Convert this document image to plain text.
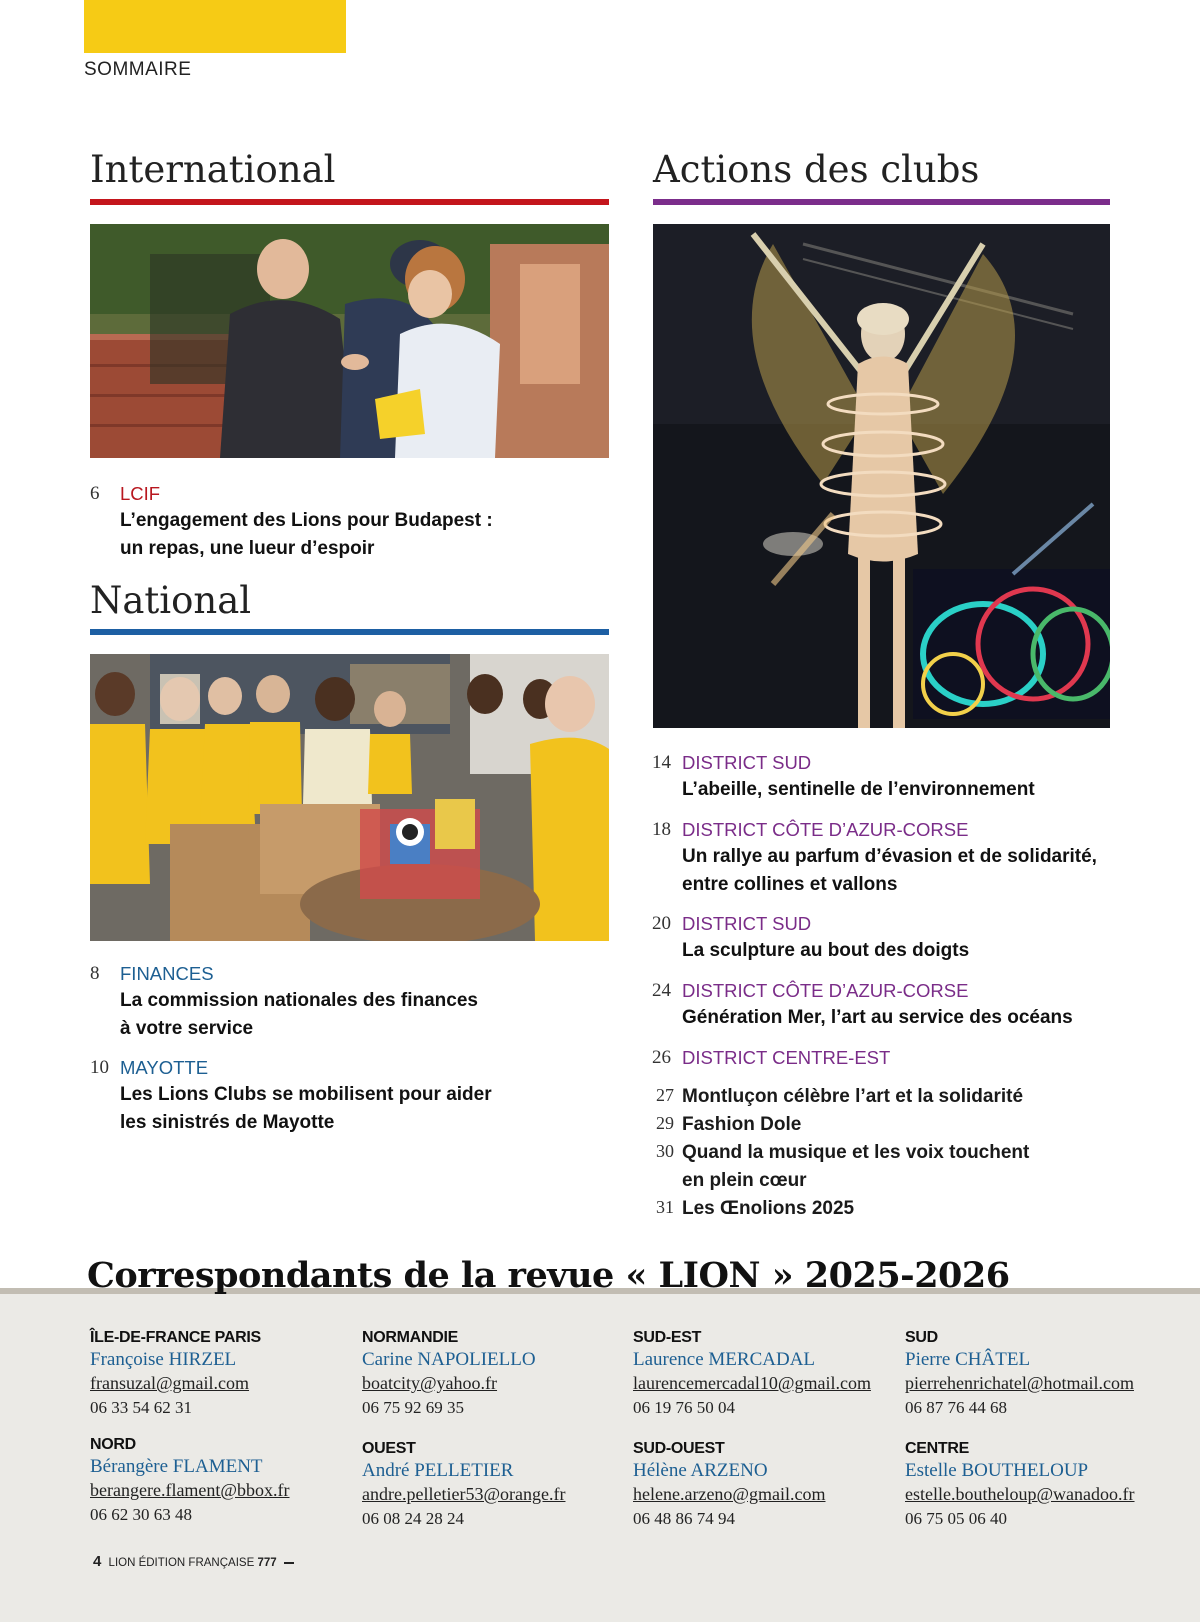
SOMMAIRE
International
6	LCIF
L’engagement des Lions pour Budapest :
un repas, une lueur d’espoir
National
8	FINANCES
La commission nationales des finances
à votre service
10 MAYOTTE
Les Lions Clubs se mobilisent pour aider
les sinistrés de Mayotte
Actions des clubs
14 DISTRICT SUD
L’abeille, sentinelle de l’environnement
18 DISTRICT CÔTE D’AZUR-CORSE
Un rallye au parfum d’évasion et de solidarité,
entre collines et vallons
20 DISTRICT SUD
La sculpture au bout des doigts
24 DISTRICT CÔTE D’AZUR-CORSE
Génération Mer, l’art au service des océans
26 DISTRICT CENTRE-EST
27 Montluçon célèbre l’art et la solidarité
29 Fashion Dole
30 Quand la musique et les voix touchent
en plein cœur
31 Les Œnolions 2025
Correspondants de la revue « LION » 2025-2026
ÎLE-DE-FRANCE PARIS
Françoise HIRZEL
fransuzal@gmail.com
06 33 54 62 31
NORMANDIE
Carine NAPOLIELLO
boatcity@yahoo.fr
06 75 92 69 35
SUD-EST
Laurence MERCADAL
laurencemercadal10@gmail.com
06 19 76 50 04
SUD
Pierre CHÂTEL
pierrehenrichatel@hotmail.com
06 87 76 44 68
NORD
Bérangère FLAMENT
berangere.flament@bbox.fr
06 62 30 63 48
OUEST
André PELLETIER
andre.pelletier53@orange.fr
06 08 24 28 24
SUD-OUEST
Hélène ARZENO
helene.arzeno@gmail.com
06 48 86 74 94
CENTRE
Estelle BOUTHELOUP
estelle.boutheloup@wanadoo.fr
06 75 05 06 40
4 LION ÉDITION FRANÇAISE 777
